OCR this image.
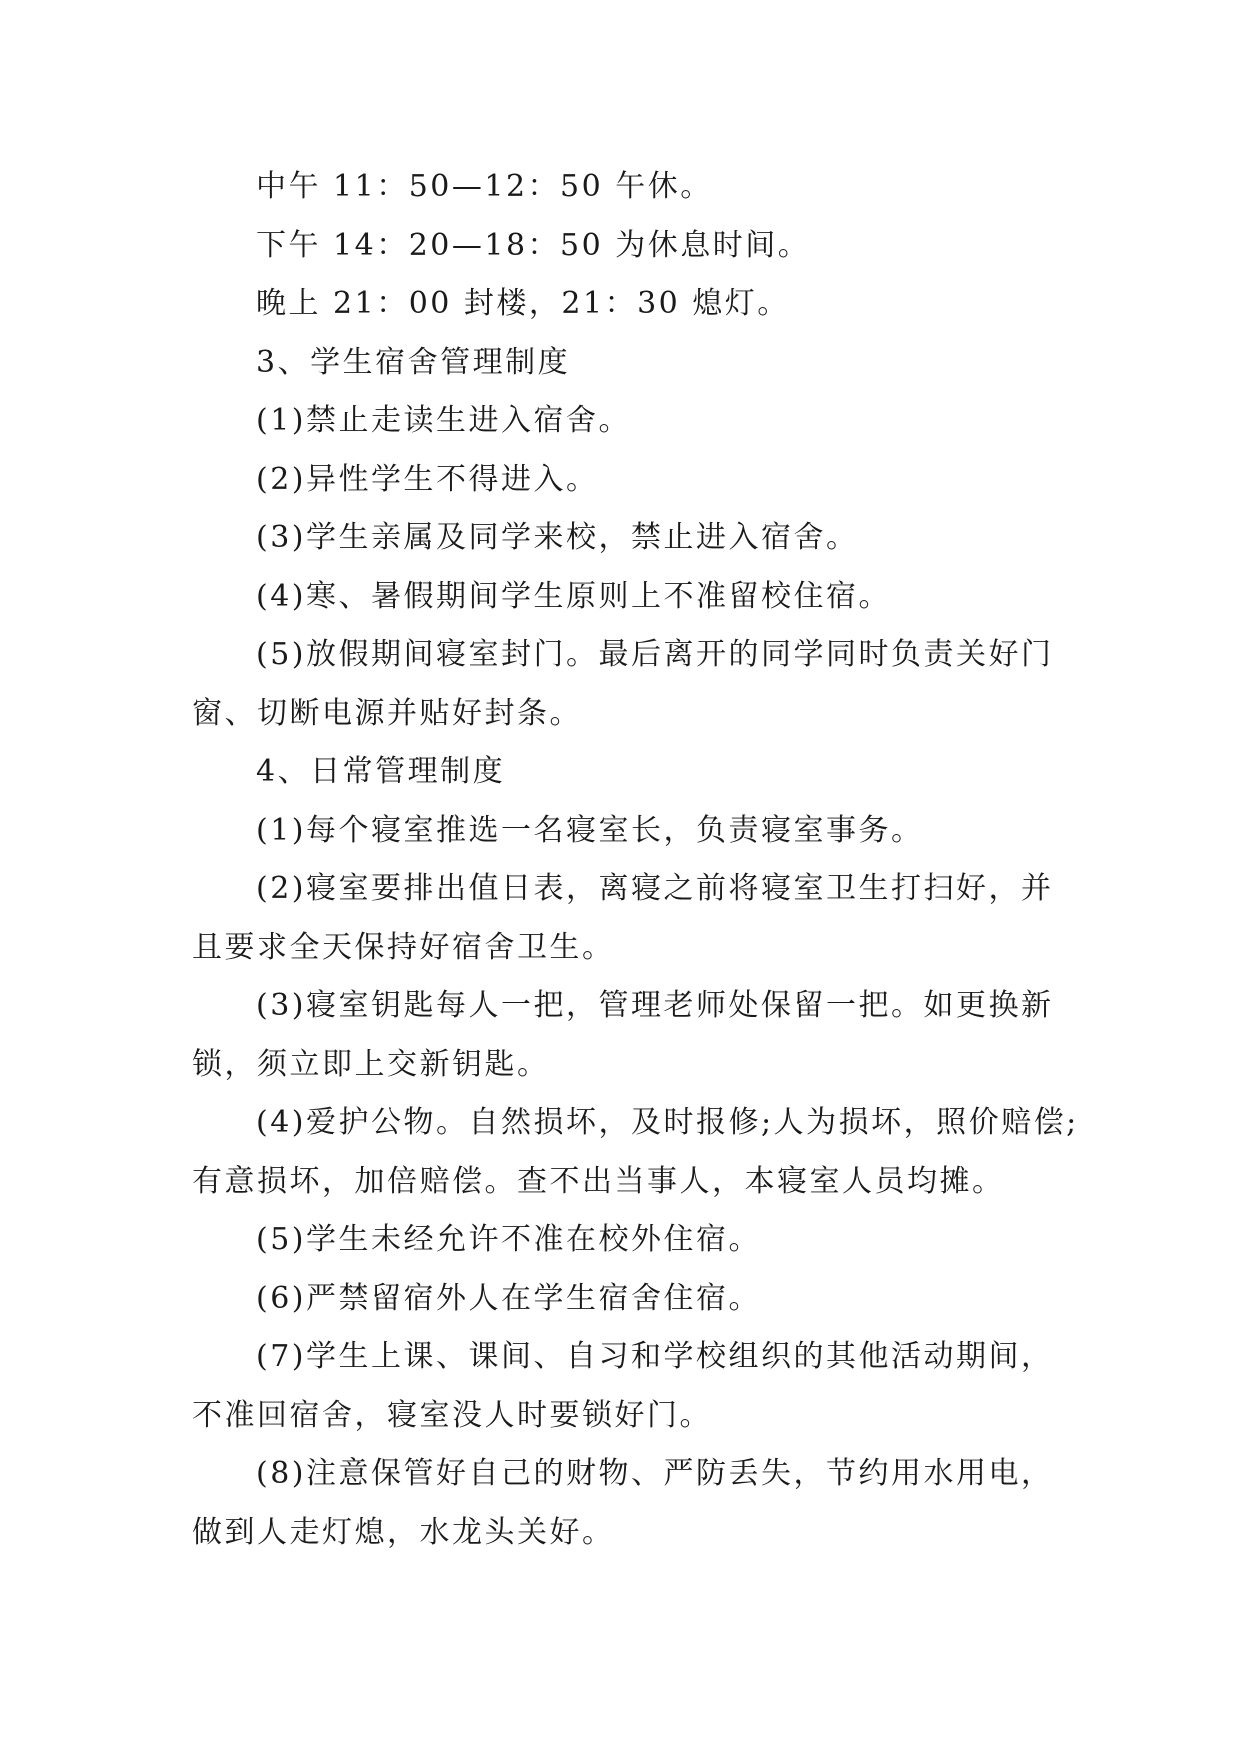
中午 11：50—12：50 午休。

下午 14：20—18：50 为休息时间。

晚上 21：00 封楼，21：30 熄灯。

3、学生宿舍管理制度

(1)禁止走读生进入宿舍。

(2)异性学生不得进入。

(3)学生亲属及同学来校，禁止进入宿舍。

(4)寒、暑假期间学生原则上不准留校住宿。

(5)放假期间寝室封门。最后离开的同学同时负责关好门窗、切断电源并贴好封条。

4、日常管理制度

(1)每个寝室推选一名寝室长，负责寝室事务。

(2)寝室要排出值日表，离寝之前将寝室卫生打扫好，并且要求全天保持好宿舍卫生。

(3)寝室钥匙每人一把，管理老师处保留一把。如更换新锁，须立即上交新钥匙。

(4)爱护公物。自然损坏，及时报修;人为损坏，照价赔偿;有意损坏，加倍赔偿。查不出当事人，本寝室人员均摊。

(5)学生未经允许不准在校外住宿。

(6)严禁留宿外人在学生宿舍住宿。

(7)学生上课、课间、自习和学校组织的其他活动期间，不准回宿舍，寝室没人时要锁好门。

(8)注意保管好自己的财物、严防丢失，节约用水用电，做到人走灯熄，水龙头关好。
